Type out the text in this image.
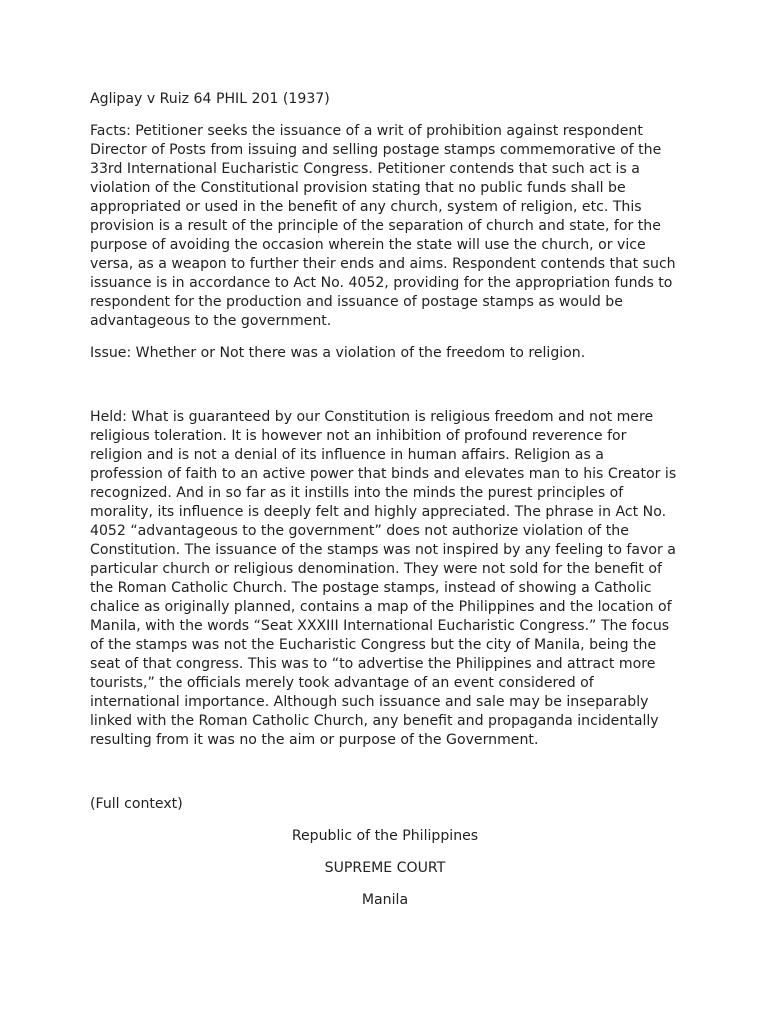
Aglipay v Ruiz 64 PHIL 201 (1937)

Facts: Petitioner seeks the issuance of a writ of prohibition against respondent Director of Posts from issuing and selling postage stamps commemorative of the 33rd International Eucharistic Congress. Petitioner contends that such act is a violation of the Constitutional provision stating that no public funds shall be appropriated or used in the benefit of any church, system of religion, etc. This provision is a result of the principle of the separation of church and state, for the purpose of avoiding the occasion wherein the state will use the church, or vice versa, as a weapon to further their ends and aims. Respondent contends that such issuance is in accordance to Act No. 4052, providing for the appropriation funds to respondent for the production and issuance of postage stamps as would be advantageous to the government.

Issue: Whether or Not there was a violation of the freedom to religion.

Held: What is guaranteed by our Constitution is religious freedom and not mere religious toleration. It is however not an inhibition of profound reverence for religion and is not a denial of its influence in human affairs. Religion as a profession of faith to an active power that binds and elevates man to his Creator is recognized. And in so far as it instills into the minds the purest principles of morality, its influence is deeply felt and highly appreciated. The phrase in Act No. 4052 “advantageous to the government” does not authorize violation of the Constitution. The issuance of the stamps was not inspired by any feeling to favor a particular church or religious denomination. They were not sold for the benefit of the Roman Catholic Church. The postage stamps, instead of showing a Catholic chalice as originally planned, contains a map of the Philippines and the location of Manila, with the words “Seat XXXIII International Eucharistic Congress.” The focus of the stamps was not the Eucharistic Congress but the city of Manila, being the seat of that congress. This was to “to advertise the Philippines and attract more tourists,” the officials merely took advantage of an event considered of international importance. Although such issuance and sale may be inseparably linked with the Roman Catholic Church, any benefit and propaganda incidentally resulting from it was no the aim or purpose of the Government.

(Full context)

Republic of the Philippines

SUPREME COURT

Manila
